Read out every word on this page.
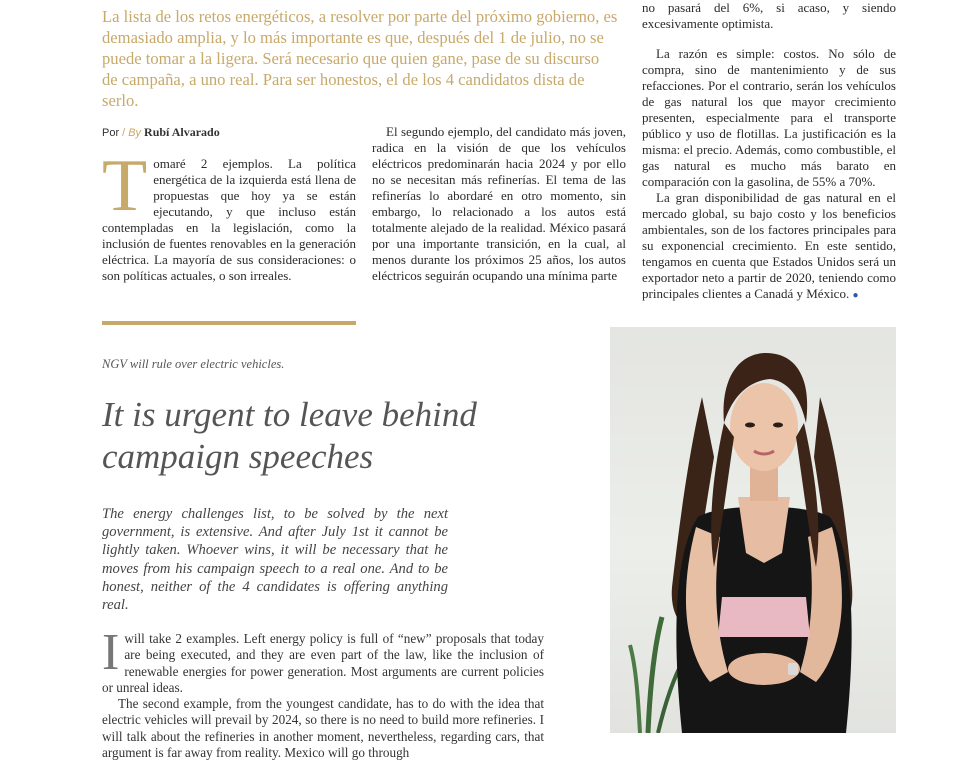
La lista de los retos energéticos, a resolver por parte del próximo gobierno, es demasiado amplia, y lo más importante es que, después del 1 de julio, no se puede tomar a la ligera. Será necesario que quien gane, pase de su discurso de campaña, a uno real. Para ser honestos, el de los 4 candidatos dista de serlo.

no pasará del 6%, si acaso, y siendo excesivamente optimista.

La razón es simple: costos. No sólo de compra, sino de mantenimiento y de sus refacciones. Por el contrario, serán los vehículos de gas natural los que mayor crecimiento presenten, especialmente para el transporte público y uso de flotillas. La justificación es la misma: el precio. Además, como combustible, el gas natural es mucho más barato en comparación con la gasolina, de 55% a 70%.

La gran disponibilidad de gas natural en el mercado global, su bajo costo y los beneficios ambientales, son de los factores principales para su exponencial crecimiento. En este sentido, tengamos en cuenta que Estados Unidos será un exportador neto a partir de 2020, teniendo como principales clientes a Canadá y México. ●

Por / By Rubí Alvarado

Tomaré 2 ejemplos. La política energética de la izquierda está llena de propuestas que hoy ya se están ejecutando, y que incluso están contempladas en la legislación, como la inclusión de fuentes renovables en la generación eléctrica. La mayoría de sus consideraciones: o son políticas actuales, o son irreales.

El segundo ejemplo, del candidato más joven, radica en la visión de que los vehículos eléctricos predominarán hacia 2024 y por ello no se necesitan más refinerías. El tema de las refinerías lo abordaré en otro momento, sin embargo, lo relacionado a los autos está totalmente alejado de la realidad. México pasará por una importante transición, en la cual, al menos durante los próximos 25 años, los autos eléctricos seguirán ocupando una mínima parte

NGV will rule over electric vehicles.
It is urgent to leave behind campaign speeches

The energy challenges list, to be solved by the next government, is extensive. And after July 1st it cannot be lightly taken. Whoever wins, it will be necessary that he moves from his campaign speech to a real one. And to be honest, neither of the 4 candidates is offering anything real.

I will take 2 examples. Left energy policy is full of “new” proposals that today are being executed, and they are even part of the law, like the inclusion of renewable energies for power generation. Most arguments are current policies or unreal ideas.

The second example, from the youngest candidate, has to do with the idea that electric vehicles will prevail by 2024, so there is no need to build more refineries. I will talk about the refineries in another moment, nevertheless, regarding cars, that argument is far away from reality. Mexico will go through
